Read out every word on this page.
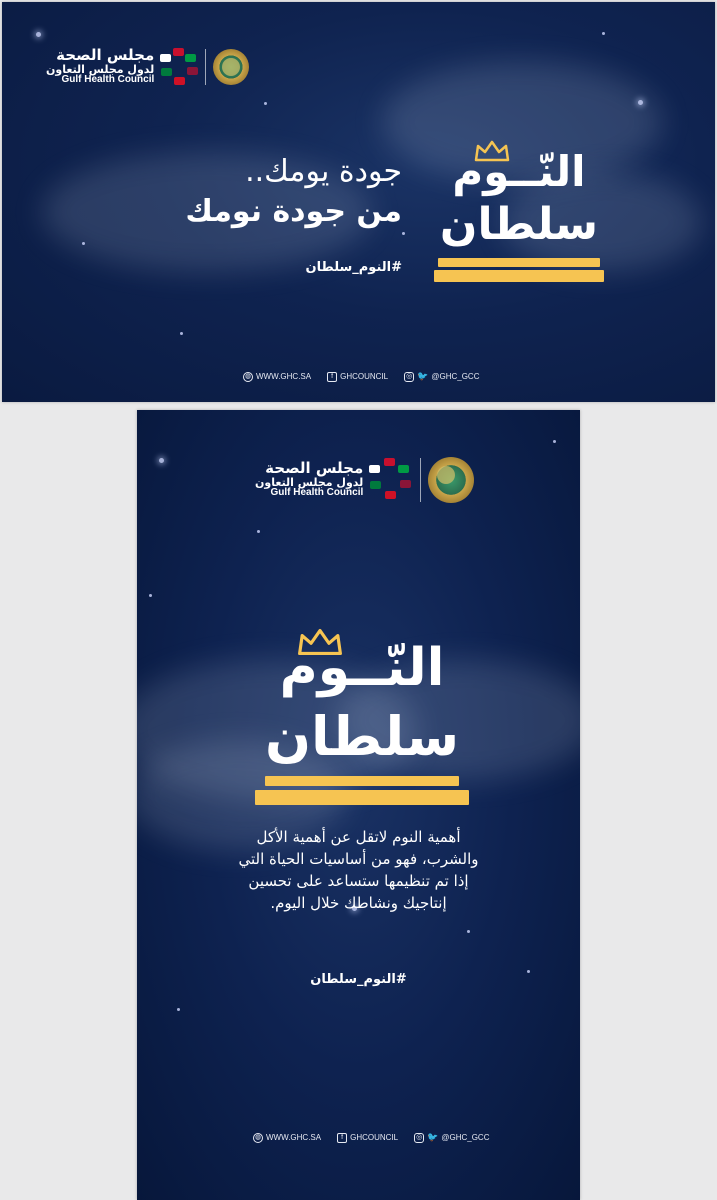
مجلس الصحة
لدول مجلس التعاون
Gulf Health Council
جودة يومك..
من جودة نومك
#النوم_سلطان
النّــوم
سلطان
◍ WWW.GHC.SA	f GHCOUNCIL	◎ 🐦 @GHC_GCC
مجلس الصحة
لدول مجلس التعاون
Gulf Health Council
النّــوم
سلطان
أهمية النوم لاتقل عن أهمية الأكل
والشرب، فهو من أساسيات الحياة التي
إذا تم تنظيمها ستساعد على تحسين
إنتاجيك ونشاطك خلال اليوم.
#النوم_سلطان
◍ WWW.GHC.SA	f GHCOUNCIL	◎ 🐦 @GHC_GCC
